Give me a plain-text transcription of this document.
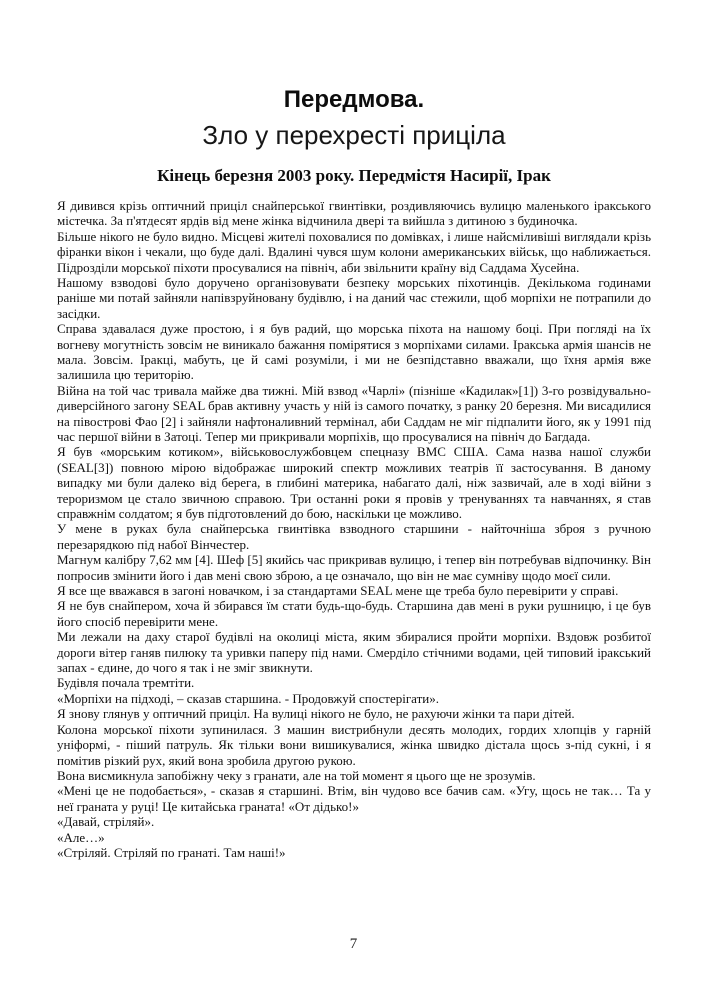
Передмова.
Зло у перехресті приціла
Кінець березня 2003 року. Передмістя Насирії, Ірак

Я дивився крізь оптичний приціл снайперської гвинтівки, роздивляючись вулицю маленького іракського містечка. За п'ятдесят ярдів від мене жінка відчинила двері та вийшла з дитиною з будиночка.

Більше нікого не було видно. Місцеві жителі поховалися по домівках, і лише найсміливіші виглядали крізь фіранки вікон і чекали, що буде далі. Вдалині чувся шум колони американських військ, що наближається. Підрозділи морської піхоти просувалися на північ, аби звільнити країну від Саддама Хусейна.

Нашому взводові було доручено організовувати безпеку морських піхотинців. Декількома годинами раніше ми потай зайняли напівзруйновану будівлю, і на даний час стежили, щоб морпіхи не потрапили до засідки.

Справа здавалася дуже простою, і я був радий, що морська піхота на нашому боці. При погляді на їх вогневу могутність зовсім не виникало бажання помірятися з морпіхами силами. Іракська армія шансів не мала. Зовсім. Іракці, мабуть, це й самі розуміли, і ми не безпідставно вважали, що їхня армія вже залишила цю територію.

Війна на той час тривала майже два тижні. Мій взвод «Чарлі» (пізніше «Кадилак»[1]) 3-го розвідувально-диверсійного загону SEAL брав активну участь у ній із самого початку, з ранку 20 березня. Ми висадилися на півострові Фао [2] і зайняли нафтоналивний термінал, аби Саддам не міг підпалити його, як у 1991 під час першої війни в Затоці. Тепер ми прикривали морпіхів, що просувалися на північ до Багдада.

Я був «морським котиком», військовослужбовцем спецназу ВМС США. Сама назва нашої служби (SEAL[3]) повною мірою відображає широкий спектр можливих театрів її застосування. В даному випадку ми були далеко від берега, в глибині материка, набагато далі, ніж зазвичай, але в ході війни з тероризмом це стало звичною справою. Три останні роки я провів у тренуваннях та навчаннях, я став справжнім солдатом; я був підготовлений до бою, наскільки це можливо.

У мене в руках була снайперська гвинтівка взводного старшини - найточніша зброя з ручною перезарядкою під набої Вінчестер.

Магнум калібру 7,62 мм [4]. Шеф [5] якийсь час прикривав вулицю, і тепер він потребував відпочинку. Він попросив змінити його і дав мені свою зброю, а це означало, що він не має сумніву щодо моєї сили.

Я все ще вважався в загоні новачком, і за стандартами SEAL мене ще треба було перевірити у справі.

Я не був снайпером, хоча й збирався їм стати будь-що-будь. Старшина дав мені в руки рушницю, і це був його спосіб перевірити мене.

Ми лежали на даху старої будівлі на околиці міста, яким збиралися пройти морпіхи. Вздовж розбитої дороги вітер ганяв пилюку та уривки паперу під нами. Смерділо стічними водами, цей типовий іракський запах - єдине, до чого я так і не зміг звикнути.

Будівля почала тремтіти.

«Морпіхи на підході, – сказав старшина. - Продовжуй спостерігати».

Я знову глянув у оптичний приціл. На вулиці нікого не було, не рахуючи жінки та пари дітей.

Колона морської піхоти зупинилася. З машин вистрибнули десять молодих, гордих хлопців у гарній уніформі, - піший патруль. Як тільки вони вишикувалися, жінка швидко дістала щось з-під сукні, і я помітив різкий рух, який вона зробила другою рукою.

Вона висмикнула запобіжну чеку з гранати, але на той момент я цього ще не зрозумів.

«Мені це не подобається», - сказав я старшині. Втім, він чудово все бачив сам. «Угу, щось не так… Та у неї граната у руці! Це китайська граната! «От дідько!»

«Давай, стріляй».

«Але…»

«Стріляй. Стріляй по гранаті. Там наші!»

7
